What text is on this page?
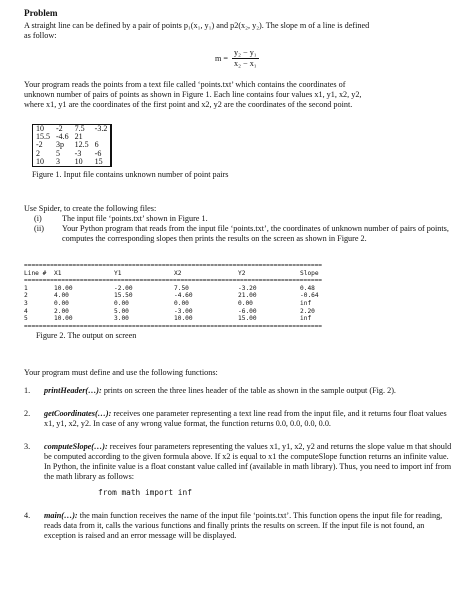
Problem

A straight line can be defined by a pair of points p₁(x₁, y₁) and p2(x₂, y₂). The slope m of a line is defined

as follow:

$m = \frac{\text{y₂ − y₁}}{\text{x₂ − x₁}}$

Your program reads the points from a text file called ‘points.txt’ which contains the coordinates of

unknown number of pairs of points as shown in Figure 1. Each line contains four values x1, y1, x2, y2,

where x1, y1 are the coordinates of the first point and x2, y2 are the coordinates of the second point.

10	-2	7.5	-3.2
15.5	-4.6	21	
-2	3p	12.5	6
2	5	-3	-6
10	3	10	15
Figure 1. Input file contains unknown number of point pairs
Use Spider, to create the following files:
(i)	The input file ‘points.txt’ shown in Figure 1.
(ii)	Your Python program that reads from the input file ‘points.txt’, the coordinates of unknown number of pairs of points, computes the corresponding slopes then prints the results on the screen as shown in Figure 2.
================================================================================
Line # X1	Y1	X2	Y2	Slope
================================================================================
1	10.00	-2.00	7.50	-3.20	0.48
2	4.00	15.50	-4.60	21.00	-0.64
3	0.00	0.00	0.00	0.00	inf
4	2.00	5.00	-3.00	-6.00	2.20
5	10.00	3.00	10.00	15.00	inf
================================================================================
Figure 2. The output on screen
Your program must define and use the following functions:
1.	printHeader(…): prints on screen the three lines header of the table as shown in the sample output (Fig. 2).
2.	getCoordinates(…): receives one parameter representing a text line read from the input file, and it returns four float values x1, y1, x2, y2. In case of any wrong value format, the function returns 0.0, 0.0, 0.0, 0.0.
3.	computeSlope(…): receives four parameters representing the values x1, y1, x2, y2 and returns the slope value m that should be computed according to the given formula above. If x2 is equal to x1 the computeSlope function returns an infinite value. In Python, the infinite value is a float constant value called inf (available in math library). Thus, you need to import inf from the math library as follows:
from math import inf
4.	main(…): the main function receives the name of the input file ‘points.txt’. This function opens the input file for reading, reads data from it, calls the various functions and finally prints the results on screen. If the input file is not found, an exception is raised and an error message will be displayed.
